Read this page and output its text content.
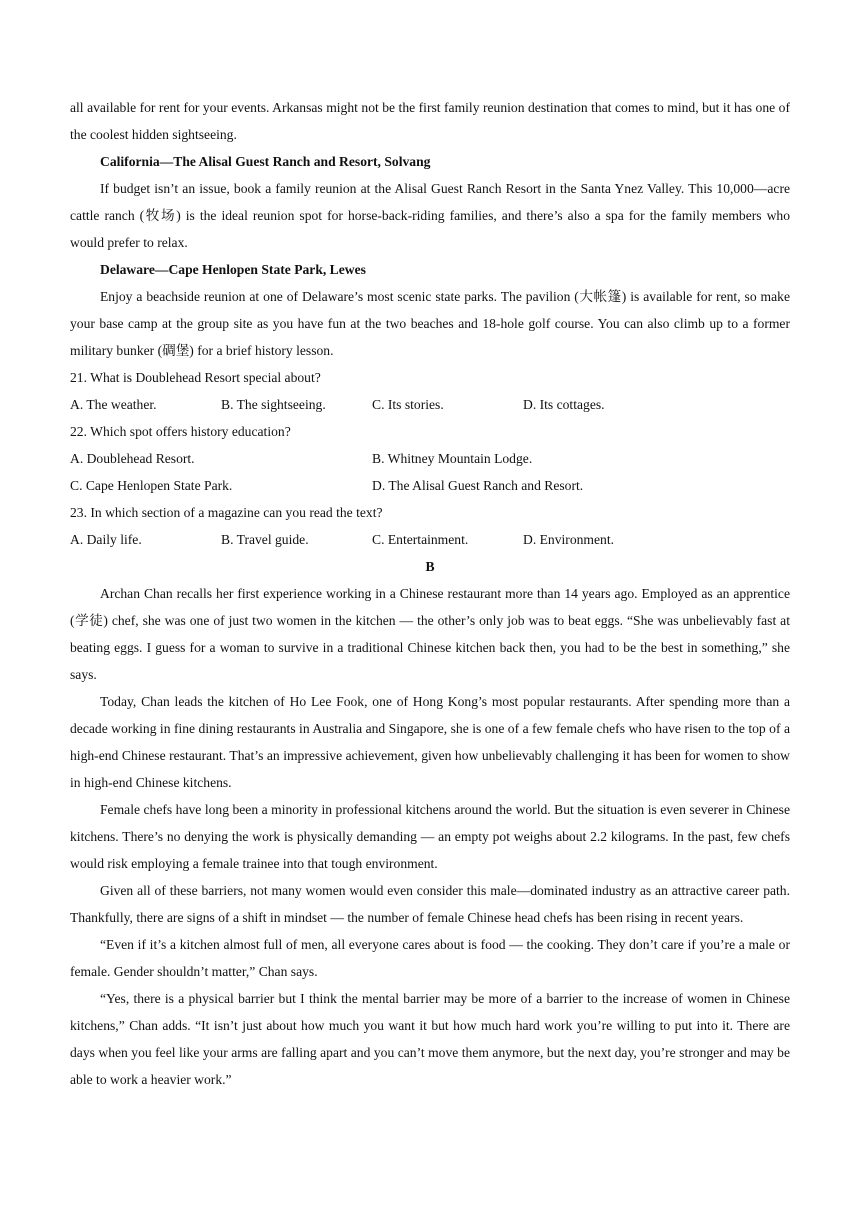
all available for rent for your events. Arkansas might not be the first family reunion destination that comes to mind, but it has one of the coolest hidden sightseeing.

California—The Alisal Guest Ranch and Resort, Solvang

If budget isn’t an issue, book a family reunion at the Alisal Guest Ranch Resort in the Santa Ynez Valley. This 10,000—acre cattle ranch (牧场) is the ideal reunion spot for horse-back-riding families, and there’s also a spa for the family members who would prefer to relax.

Delaware—Cape Henlopen State Park, Lewes

Enjoy a beachside reunion at one of Delaware’s most scenic state parks. The pavilion (大帐篷) is available for rent, so make your base camp at the group site as you have fun at the two beaches and 18-hole golf course. You can also climb up to a former military bunker (碉堡) for a brief history lesson.

21. What is Doublehead Resort special about?

A. The weather.	B. The sightseeing.	C. Its stories.	D. Its cottages.

22. Which spot offers history education?

A. Doublehead Resort.	B. Whitney Mountain Lodge.
C. Cape Henlopen State Park.	D. The Alisal Guest Ranch and Resort.

23. In which section of a magazine can you read the text?

A. Daily life.	B. Travel guide.	C. Entertainment.	D. Environment.

B

Archan Chan recalls her first experience working in a Chinese restaurant more than 14 years ago. Employed as an apprentice (学徒) chef, she was one of just two women in the kitchen — the other’s only job was to beat eggs. “She was unbelievably fast at beating eggs. I guess for a woman to survive in a traditional Chinese kitchen back then, you had to be the best in something,” she says.

Today, Chan leads the kitchen of Ho Lee Fook, one of Hong Kong’s most popular restaurants. After spending more than a decade working in fine dining restaurants in Australia and Singapore, she is one of a few female chefs who have risen to the top of a high-end Chinese restaurant. That’s an impressive achievement, given how unbelievably challenging it has been for women to show in high-end Chinese kitchens.

Female chefs have long been a minority in professional kitchens around the world. But the situation is even severer in Chinese kitchens. There’s no denying the work is physically demanding — an empty pot weighs about 2.2 kilograms. In the past, few chefs would risk employing a female trainee into that tough environment.

Given all of these barriers, not many women would even consider this male—dominated industry as an attractive career path. Thankfully, there are signs of a shift in mindset — the number of female Chinese head chefs has been rising in recent years.

“Even if it’s a kitchen almost full of men, all everyone cares about is food — the cooking. They don’t care if you’re a male or female. Gender shouldn’t matter,” Chan says.

“Yes, there is a physical barrier but I think the mental barrier may be more of a barrier to the increase of women in Chinese kitchens,” Chan adds. “It isn’t just about how much you want it but how much hard work you’re willing to put into it. There are days when you feel like your arms are falling apart and you can’t move them anymore, but the next day, you’re stronger and may be able to work a heavier work.”
